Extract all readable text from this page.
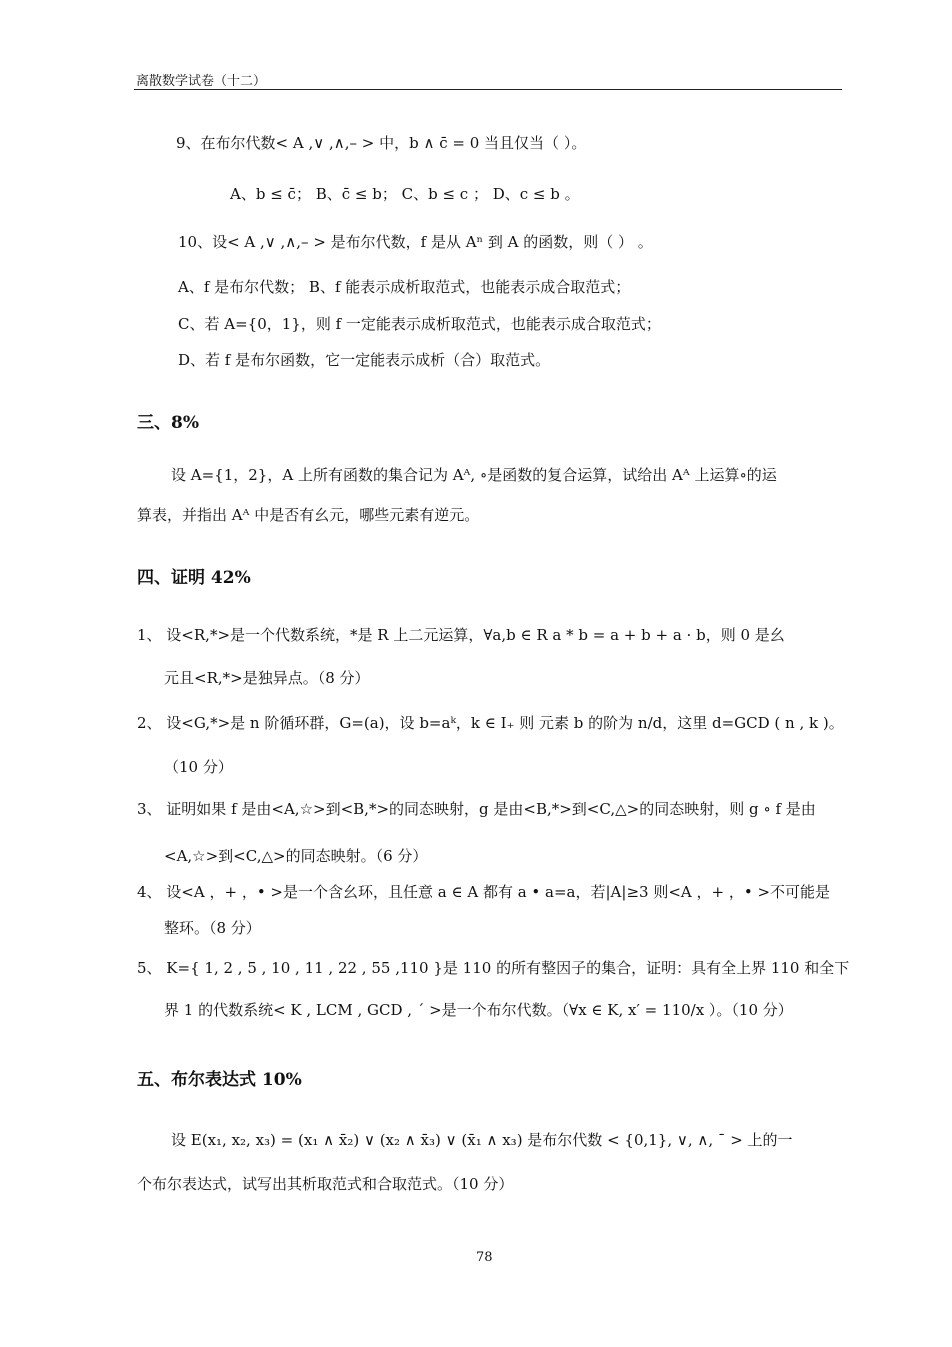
离散数学试卷（十二）
9、在布尔代数< A ,∨ ,∧,– > 中，b ∧ c̄ = 0 当且仅当（ ）。
A、b ≤ c̄； B、c̄ ≤ b； C、b ≤ c ； D、c ≤ b 。
10、设< A ,∨ ,∧,– > 是布尔代数，f 是从 Aⁿ 到 A 的函数，则（ ） 。
A、f 是布尔代数； B、f 能表示成析取范式，也能表示成合取范式；
C、若 A={0，1}，则 f 一定能表示成析取范式，也能表示成合取范式；
D、若 f 是布尔函数，它一定能表示成析（合）取范式。
三、8%
设 A={1，2}，A 上所有函数的集合记为 Aᴬ, ∘是函数的复合运算，试给出 Aᴬ 上运算∘的运
算表，并指出 Aᴬ 中是否有幺元，哪些元素有逆元。
四、证明 42%
1、 设<R,*>是一个代数系统，*是 R 上二元运算，∀a,b ∈ R a * b = a + b + a · b，则 0 是幺
元且<R,*>是独异点。（8 分）
2、 设<G,*>是 n 阶循环群，G=(a)，设 b=aᵏ，k ∈ I₊ 则 元素 b 的阶为 n/d，这里 d=GCD ( n , k )。
（10 分）
3、 证明如果 f 是由<A,☆>到<B,*>的同态映射，g 是由<B,*>到<C,△>的同态映射，则 g ∘ f 是由
<A,☆>到<C,△>的同态映射。（6 分）
4、 设<A ，+ ，• >是一个含幺环，且任意 a ∈ A 都有 a • a=a，若|A|≥3 则<A ，+ ，• >不可能是
整环。（8 分）
5、 K={ 1, 2 , 5 , 10 , 11 , 22 , 55 ,110 }是 110 的所有整因子的集合，证明：具有全上界 110 和全下
界 1 的代数系统< K , LCM , GCD , ´ >是一个布尔代数。（∀x ∈ K, x′ = 110/x ）。（10 分）
五、布尔表达式 10%
设 E(x₁, x₂, x₃) = (x₁ ∧ x̄₂) ∨ (x₂ ∧ x̄₃) ∨ (x̄₁ ∧ x₃) 是布尔代数 < {0,1}, ∨, ∧, ¯ > 上的一
个布尔表达式，试写出其析取范式和合取范式。（10 分）
78
